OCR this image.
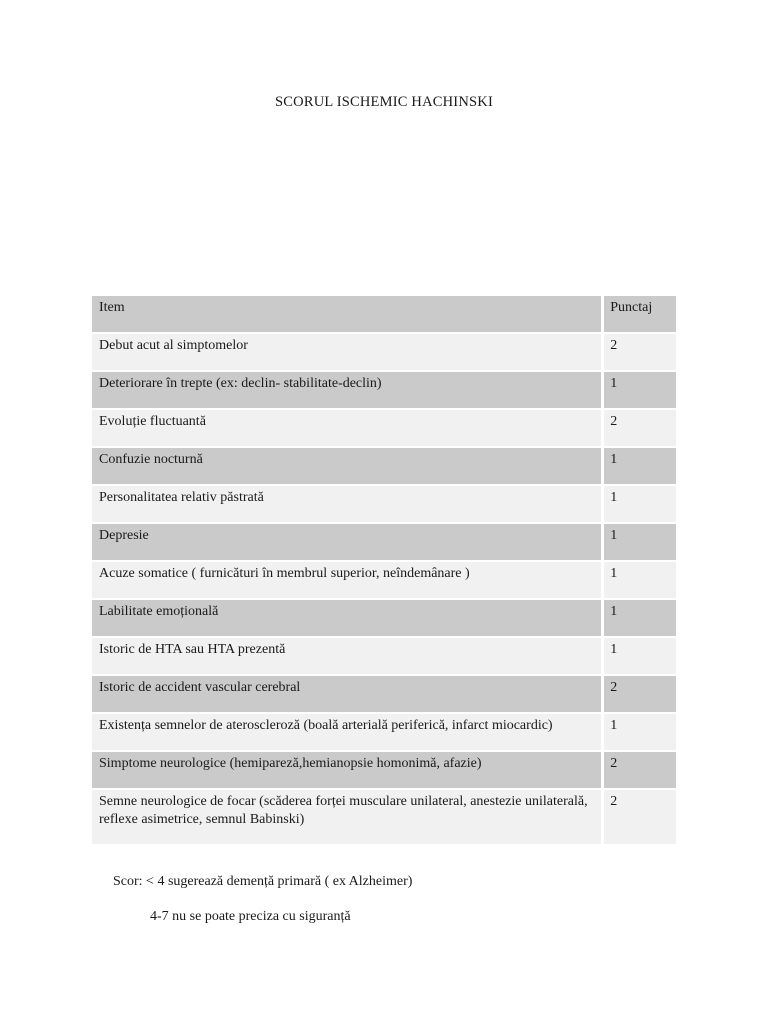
SCORUL ISCHEMIC HACHINSKI
Item	Punctaj
Debut acut al simptomelor	2
Deteriorare în trepte (ex: declin- stabilitate-declin)	1
Evoluție fluctuantă	2
Confuzie nocturnă	1
Personalitatea relativ păstrată	1
Depresie	1
Acuze somatice ( furnicături în membrul superior, neîndemânare )	1
Labilitate emoțională	1
Istoric de HTA sau HTA prezentă	1
Istoric de accident vascular cerebral	2
Existența semnelor de ateroscleroză (boală arterială periferică, infarct miocardic)	1
Simptome neurologice (hemipareză,hemianopsie homonimă, afazie)	2
Semne neurologice de focar (scăderea forței musculare unilateral, anestezie unilaterală, reflexe asimetrice, semnul Babinski)	2
Scor: < 4 sugerează demență primară ( ex Alzheimer)
4-7 nu se poate preciza cu siguranță
